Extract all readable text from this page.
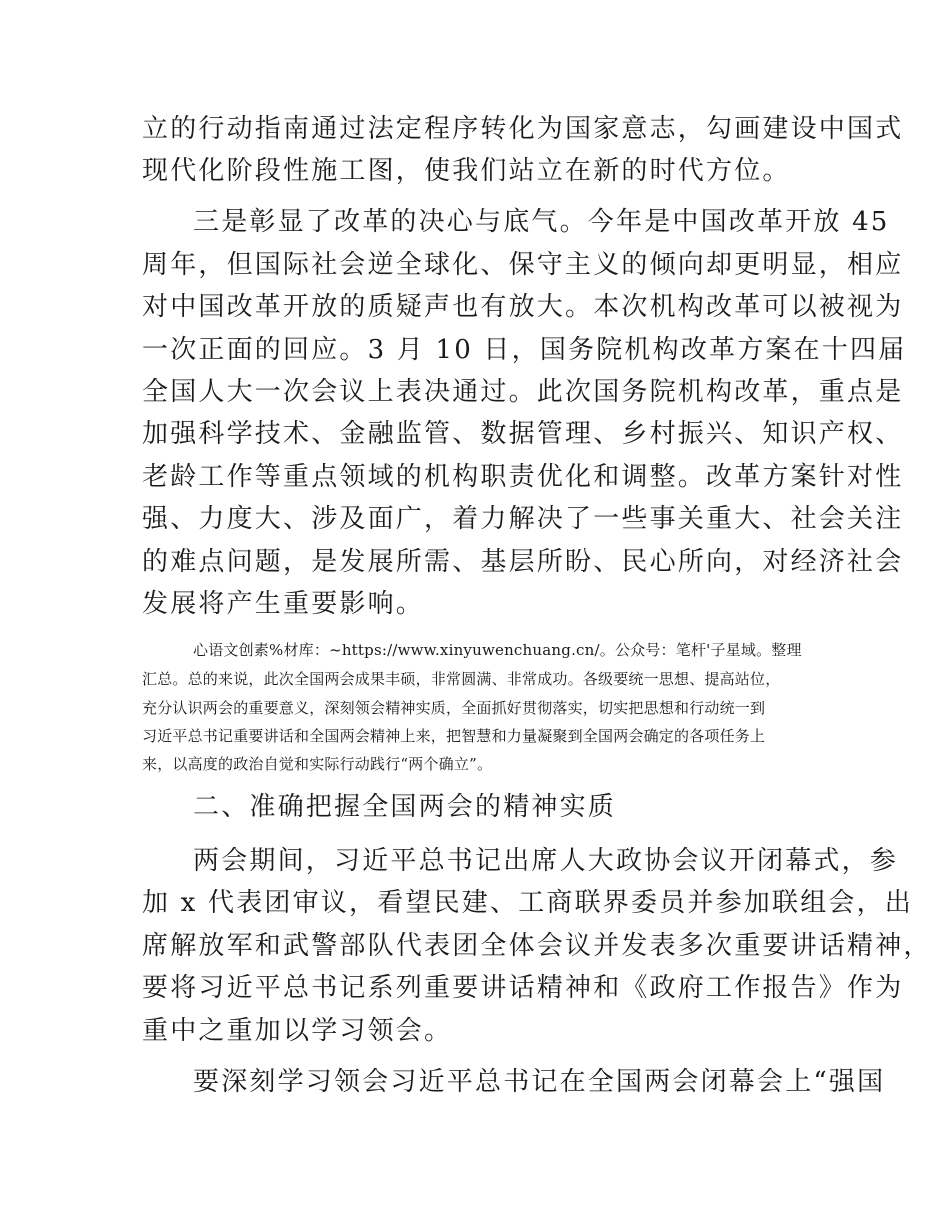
立的行动指南通过法定程序转化为国家意志，勾画建设中国式
现代化阶段性施工图，使我们站立在新的时代方位。
三是彰显了改革的决心与底气。今年是中国改革开放 45
周年，但国际社会逆全球化、保守主义的倾向却更明显，相应
对中国改革开放的质疑声也有放大。本次机构改革可以被视为
一次正面的回应。3 月 10 日，国务院机构改革方案在十四届
全国人大一次会议上表决通过。此次国务院机构改革，重点是
加强科学技术、金融监管、数据管理、乡村振兴、知识产权、
老龄工作等重点领域的机构职责优化和调整。改革方案针对性
强、力度大、涉及面广，着力解决了一些事关重大、社会关注
的难点问题，是发展所需、基层所盼、民心所向，对经济社会
发展将产生重要影响。
心语文创素%材库：~https://www.xinyuwenchuang.cn/。公众号：笔杆'子星域。整理
汇总。总的来说，此次全国两会成果丰硕，非常圆满、非常成功。各级要统一思想、提高站位，
充分认识两会的重要意义，深刻领会精神实质，全面抓好贯彻落实，切实把思想和行动统一到
习近平总书记重要讲话和全国两会精神上来，把智慧和力量凝聚到全国两会确定的各项任务上
来，以高度的政治自觉和实际行动践行“两个确立”。
二、准确把握全国两会的精神实质
两会期间，习近平总书记出席人大政协会议开闭幕式，参
加 x 代表团审议，看望民建、工商联界委员并参加联组会，出
席解放军和武警部队代表团全体会议并发表多次重要讲话精神，
要将习近平总书记系列重要讲话精神和《政府工作报告》作为
重中之重加以学习领会。
要深刻学习领会习近平总书记在全国两会闭幕会上“强国
